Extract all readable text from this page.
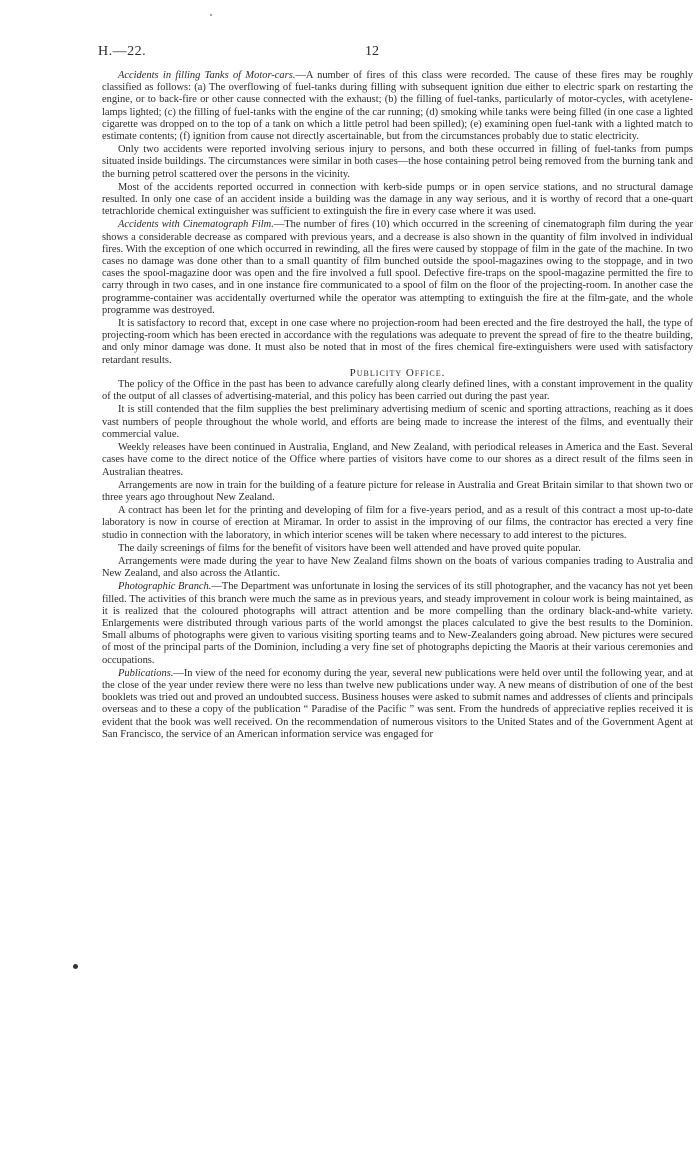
H.—22.	12

Accidents in filling Tanks of Motor-cars.—A number of fires of this class were recorded. The cause of these fires may be roughly classified as follows: (a) The overflowing of fuel-tanks during filling with subsequent ignition due either to electric spark on restarting the engine, or to back-fire or other cause connected with the exhaust; (b) the filling of fuel-tanks, particularly of motor-cycles, with acetylene-lamps lighted; (c) the filling of fuel-tanks with the engine of the car running; (d) smoking while tanks were being filled (in one case a lighted cigarette was dropped on to the top of a tank on which a little petrol had been spilled); (e) examining open fuel-tank with a lighted match to estimate contents; (f) ignition from cause not directly ascertainable, but from the circumstances probably due to static electricity.

Only two accidents were reported involving serious injury to persons, and both these occurred in filling of fuel-tanks from pumps situated inside buildings. The circumstances were similar in both cases—the hose containing petrol being removed from the burning tank and the burning petrol scattered over the persons in the vicinity.

Most of the accidents reported occurred in connection with kerb-side pumps or in open service stations, and no structural damage resulted. In only one case of an accident inside a building was the damage in any way serious, and it is worthy of record that a one-quart tetrachloride chemical extinguisher was sufficient to extinguish the fire in every case where it was used.

Accidents with Cinematograph Film.—The number of fires (10) which occurred in the screening of cinematograph film during the year shows a considerable decrease as compared with previous years, and a decrease is also shown in the quantity of film involved in individual fires. With the exception of one which occurred in rewinding, all the fires were caused by stoppage of film in the gate of the machine. In two cases no damage was done other than to a small quantity of film bunched outside the spool-magazines owing to the stoppage, and in two cases the spool-magazine door was open and the fire involved a full spool. Defective fire-traps on the spool-magazine permitted the fire to carry through in two cases, and in one instance fire communicated to a spool of film on the floor of the projecting-room. In another case the programme-container was accidentally overturned while the operator was attempting to extinguish the fire at the film-gate, and the whole programme was destroyed.

It is satisfactory to record that, except in one case where no projection-room had been erected and the fire destroyed the hall, the type of projecting-room which has been erected in accordance with the regulations was adequate to prevent the spread of fire to the theatre building, and only minor damage was done. It must also be noted that in most of the fires chemical fire-extinguishers were used with satisfactory retardant results.

Publicity Office.

The policy of the Office in the past has been to advance carefully along clearly defined lines, with a constant improvement in the quality of the output of all classes of advertising-material, and this policy has been carried out during the past year.

It is still contended that the film supplies the best preliminary advertising medium of scenic and sporting attractions, reaching as it does vast numbers of people throughout the whole world, and efforts are being made to increase the interest of the films, and eventually their commercial value.

Weekly releases have been continued in Australia, England, and New Zealand, with periodical releases in America and the East. Several cases have come to the direct notice of the Office where parties of visitors have come to our shores as a direct result of the films seen in Australian theatres.

Arrangements are now in train for the building of a feature picture for release in Australia and Great Britain similar to that shown two or three years ago throughout New Zealand.

A contract has been let for the printing and developing of film for a five-years period, and as a result of this contract a most up-to-date laboratory is now in course of erection at Miramar. In order to assist in the improving of our films, the contractor has erected a very fine studio in connection with the laboratory, in which interior scenes will be taken where necessary to add interest to the pictures.

The daily screenings of films for the benefit of visitors have been well attended and have proved quite popular.

Arrangements were made during the year to have New Zealand films shown on the boats of various companies trading to Australia and New Zealand, and also across the Atlantic.

Photographic Branch.—The Department was unfortunate in losing the services of its still photographer, and the vacancy has not yet been filled. The activities of this branch were much the same as in previous years, and steady improvement in colour work is being maintained, as it is realized that the coloured photographs will attract attention and be more compelling than the ordinary black-and-white variety. Enlargements were distributed through various parts of the world amongst the places calculated to give the best results to the Dominion. Small albums of photographs were given to various visiting sporting teams and to New-Zealanders going abroad. New pictures were secured of most of the principal parts of the Dominion, including a very fine set of photographs depicting the Maoris at their various ceremonies and occupations.

Publications.—In view of the need for economy during the year, several new publications were held over until the following year, and at the close of the year under review there were no less than twelve new publications under way. A new means of distribution of one of the best booklets was tried out and proved an undoubted success. Business houses were asked to submit names and addresses of clients and principals overseas and to these a copy of the publication “ Paradise of the Pacific ” was sent. From the hundreds of appreciative replies received it is evident that the book was well received. On the recommendation of numerous visitors to the United States and of the Government Agent at San Francisco, the service of an American information service was engaged for
